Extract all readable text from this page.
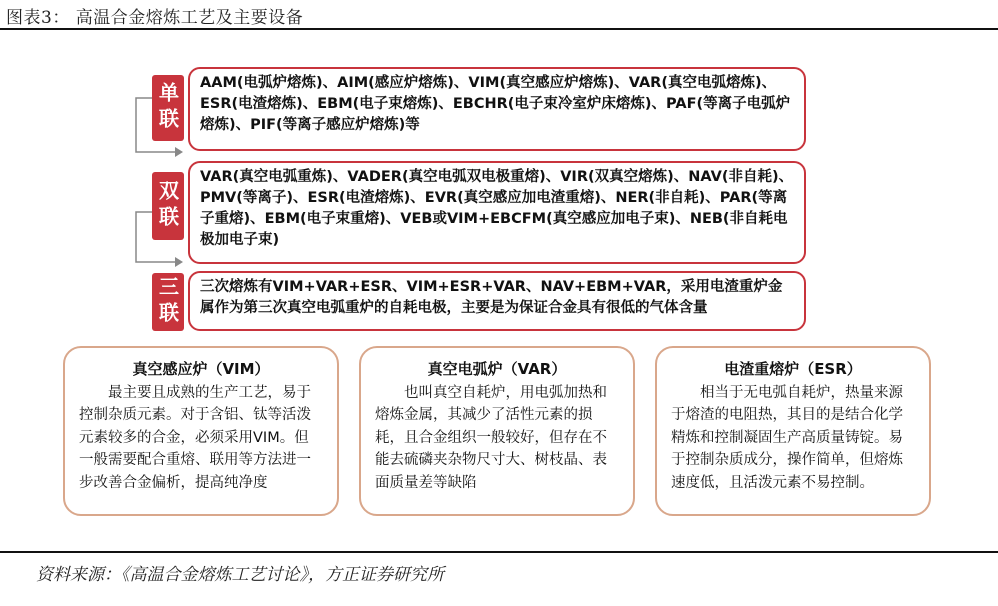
图表3： 高温合金熔炼工艺及主要设备
单联	AAM(电弧炉熔炼)、AIM(感应炉熔炼)、VIM(真空感应炉熔炼)、VAR(真空电弧熔炼)、ESR(电渣熔炼)、EBM(电子束熔炼)、EBCHR(电子束冷室炉床熔炼)、PAF(等离子电弧炉熔炼)、PIF(等离子感应炉熔炼)等
双联
VAR(真空电弧重炼)、VADER(真空电弧双电极重熔)、VIR(双真空熔炼)、NAV(非自耗)、PMV(等离子)、ESR(电渣熔炼)、EVR(真空感应加电渣重熔)、NER(非自耗)、PAR(等离子重熔)、EBM(电子束重熔)、VEB或VIM+EBCFM(真空感应加电子束)、NEB(非自耗电极加电子束)
三联	三次熔炼有VIM+VAR+ESR、VIM+ESR+VAR、NAV+EBM+VAR，采用电渣重炉金属作为第三次真空电弧重炉的自耗电极，主要是为保证合金具有很低的气体含量
真空感应炉（VIM）
最主要且成熟的生产工艺，易于控制杂质元素。对于含铝、钛等活泼元素较多的合金，必须采用VIM。但一般需要配合重熔、联用等方法进一步改善合金偏析，提高纯净度
真空电弧炉（VAR）
也叫真空自耗炉，用电弧加热和熔炼金属，其减少了活性元素的损耗，且合金组织一般较好，但存在不能去硫磷夹杂物尺寸大、树枝晶、表面质量差等缺陷
电渣重熔炉（ESR）
相当于无电弧自耗炉，热量来源于熔渣的电阻热，其目的是结合化学精炼和控制凝固生产高质量铸锭。易于控制杂质成分，操作简单，但熔炼速度低，且活泼元素不易控制。
资料来源：《高温合金熔炼工艺讨论》，方正证券研究所
